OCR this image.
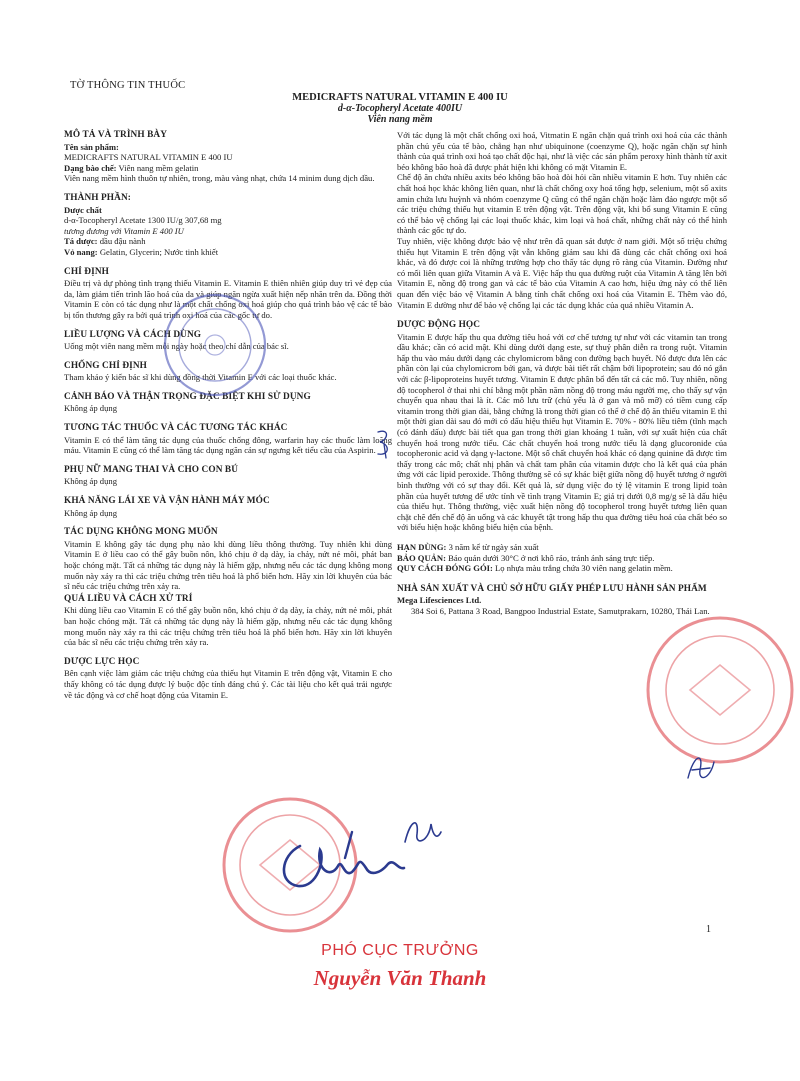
TỜ THÔNG TIN THUỐC
MEDICRAFTS NATURAL VITAMIN E 400 IU
d-α-Tocopheryl Acetate 400IU
Viên nang mềm
MÔ TẢ VÀ TRÌNH BÀY

Tên sản phẩm:

MEDICRAFTS NATURAL VITAMIN E 400 IU

Dạng bào chế: Viên nang mềm gelatin

Viên nang mềm hình thuôn tự nhiên, trong, màu vàng nhạt, chứa 14 minim dung dịch dầu.

THÀNH PHẦN:

Dược chất

d-α-Tocopheryl Acetate 1300 IU/g 307,68 mg

tương đương với Vitamin E 400 IU

Tá dược: dầu đậu nành

Vỏ nang: Gelatin, Glycerin; Nước tinh khiết

CHỈ ĐỊNH

Điều trị và dự phòng tình trạng thiếu Vitamin E. Vitamin E thiên nhiên giúp duy trì vẻ đẹp của da, làm giảm tiến trình lão hoá của da và giúp ngăn ngừa xuất hiện nếp nhăn trên da. Đồng thời Vitamin E còn có tác dụng như là một chất chống oxi hoá giúp cho quá trình bảo vệ các tế bào bị tổn thương gây ra bởi quá trình oxi hoá của các gốc tự do.

LIỀU LƯỢNG VÀ CÁCH DÙNG

Uống một viên nang mềm mỗi ngày hoặc theo chỉ dẫn của bác sĩ.

CHỐNG CHỈ ĐỊNH

Tham khảo ý kiến bác sĩ khi dùng đồng thời Vitamin E với các loại thuốc khác.

CẢNH BÁO VÀ THẬN TRỌNG ĐẶC BIỆT KHI SỬ DỤNG

Không áp dụng

TƯƠNG TÁC THUỐC VÀ CÁC TƯƠNG TÁC KHÁC

Vitamin E có thể làm tăng tác dụng của thuốc chống đông, warfarin hay các thuốc làm loãng máu. Vitamin E cũng có thể làm tăng tác dụng ngăn cản sự ngưng kết tiểu cầu của Aspirin.

PHỤ NỮ MANG THAI VÀ CHO CON BÚ

Không áp dụng

KHẢ NĂNG LÁI XE VÀ VẬN HÀNH MÁY MÓC

Không áp dụng

TÁC DỤNG KHÔNG MONG MUỐN

Vitamin E không gây tác dụng phụ nào khi dùng liều thông thường. Tuy nhiên khi dùng Vitamin E ở liều cao có thể gây buồn nôn, khó chịu ở dạ dày, ỉa chảy, nứt nẻ môi, phát ban hoặc chóng mặt. Tất cả những tác dụng này là hiếm gặp, nhưng nếu các tác dụng không mong muốn này xảy ra thì các triệu chứng trên tiêu hoá là phổ biến hơn. Hãy xin lời khuyên của bác sĩ nếu các triệu chứng trên xảy ra.

QUÁ LIỀU VÀ CÁCH XỬ TRÍ

Khi dùng liều cao Vitamin E có thể gây buồn nôn, khó chịu ở dạ dày, ỉa chảy, nứt nẻ môi, phát ban hoặc chóng mặt. Tất cả những tác dụng này là hiếm gặp, nhưng nếu các tác dụng không mong muốn này xảy ra thì các triệu chứng trên tiêu hoá là phổ biến hơn. Hãy xin lời khuyên của bác sĩ nếu các triệu chứng trên xảy ra.

DƯỢC LỰC HỌC

Bên cạnh việc làm giảm các triệu chứng của thiếu hụt Vitamin E trên động vật, Vitamin E cho thấy không có tác dụng được lý buộc độc tính đáng chú ý. Các tài liệu cho kết quả trái ngược về tác động và cơ chế hoạt động của Vitamin E.

Với tác dụng là một chất chống oxi hoá, Vitmatin E ngăn chặn quá trình oxi hoá của các thành phần chủ yếu của tế bào, chẳng hạn như ubiquinone (coenzyme Q), hoặc ngăn chặn sự hình thành của quá trình oxi hoá tạo chất độc hại, như là việc các sản phẩm peroxy hình thành từ axit béo không bão hoà đã được phát hiện khi không có mặt Vitamin E.

Chế độ ăn chứa nhiều axits béo không bão hoà đòi hỏi cần nhiều vitamin E hơn. Tuy nhiên các chất hoá học khác không liên quan, như là chất chống oxy hoá tổng hợp, selenium, một số axits amin chứa lưu huỳnh và nhóm coenzyme Q cũng có thể ngăn chặn hoặc làm đảo ngược một số các triệu chứng thiếu hụt vitamin E trên động vật. Trên động vật, khi bổ sung Vitamin E cũng có thể bảo vệ chống lại các loại thuốc khác, kim loại và hoá chất, những chất này có thể hình thành các gốc tự do.

Tuy nhiên, việc không được bảo vệ như trên đã quan sát được ở nam giới. Một số triệu chứng thiếu hụt Vitamin E trên động vật vẫn không giảm sau khi đã dùng các chất chống oxi hoá khác, và đó được coi là những trường hợp cho thấy tác dụng rõ ràng của Vitamin. Đường như có mối liên quan giữa Vitamin A và E. Việc hấp thu qua đường ruột của Vitamin A tăng lên bởi Vitamin E, nồng độ trong gan và các tế bào của Vitamin A cao hơn, hiệu ứng này có thể liên quan đến việc bảo vệ Vitamin A bằng tính chất chống oxi hoá của Vitamin E. Thêm vào đó, Vitamin E dường như để bảo vệ chống lại các tác dụng khác của quá nhiều Vitamin A.

DƯỢC ĐỘNG HỌC

Vitamin E được hấp thu qua đường tiêu hoá với cơ chế tương tự như với các vitamin tan trong dầu khác; cần có acid mật. Khi dùng dưới dạng este, sự thuỷ phân diễn ra trong ruột. Vitamin hấp thu vào máu dưới dạng các chylomicrom bằng con đường bạch huyết. Nó được đưa lên các phần còn lại của chylomicrom bởi gan, và được bài tiết rất chậm bởi lipoprotein; sau đó nó gắn với các β-lipoproteins huyết tương. Vitamin E được phân bổ đến tất cả các mô. Tuy nhiên, nồng độ tocopherol ở thai nhi chỉ bằng một phần năm nồng độ trong máu người mẹ, cho thấy sự vận chuyển qua nhau thai là ít. Các mô lưu trữ (chủ yếu là ở gan và mô mỡ) có tiềm cung cấp vitamin trong thời gian dài, bằng chứng là trong thời gian có thể ở chế độ ăn thiếu vitamin E thì một thời gian dài sau đó mới có dấu hiệu thiếu hụt Vitamin E. 70% - 80% liều tiêm (tĩnh mạch (có đánh dấu) được bài tiết qua gan trong thời gian khoảng 1 tuần, với sự xuất hiện của chất chuyển hoá trong nước tiểu. Các chất chuyển hoá trong nước tiểu là dạng glucoronide của tocopheronic acid và dạng γ-lactone. Một số chất chuyển hoá khác có dạng quinine đã được tìm thấy trong các mô; chất nhị phân và chất tam phân của vitamin được cho là kết quả của phản ứng với các lipid peroxide. Thông thường sẽ có sự khác biệt giữa nồng độ huyết tương ở người bình thường với có sự thay đổi. Kết quả là, sử dụng việc đo tỷ lệ vitamin E trong lipid toàn phần của huyết tương để ước tính về tình trạng Vitamin E; giá trị dưới 0,8 mg/g sẽ là dấu hiệu của thiếu hụt. Thông thường, việc xuất hiện nồng độ tocopherol trong huyết tương liên quan chặt chẽ đến chế độ ăn uống và các khuyết tật trong hấp thu qua đường tiêu hoá của chất béo so với biểu hiện hoặc không biểu hiện của bệnh.

HẠN DÙNG: 3 năm kể từ ngày sản xuất

BẢO QUẢN: Bảo quản dưới 30°C ở nơi khô ráo, tránh ánh sáng trực tiếp.

QUY CÁCH ĐÓNG GÓI: Lọ nhựa màu trắng chứa 30 viên nang gelatin mềm.

NHÀ SẢN XUẤT VÀ CHỦ SỞ HỮU GIẤY PHÉP LƯU HÀNH SẢN PHẨM

Mega Lifesciences Ltd.

384 Soi 6, Pattana 3 Road, Bangpoo Industrial Estate, Samutprakarn, 10280, Thái Lan.

1
PHÓ CỤC TRƯỞNG
Nguyễn Văn Thanh
